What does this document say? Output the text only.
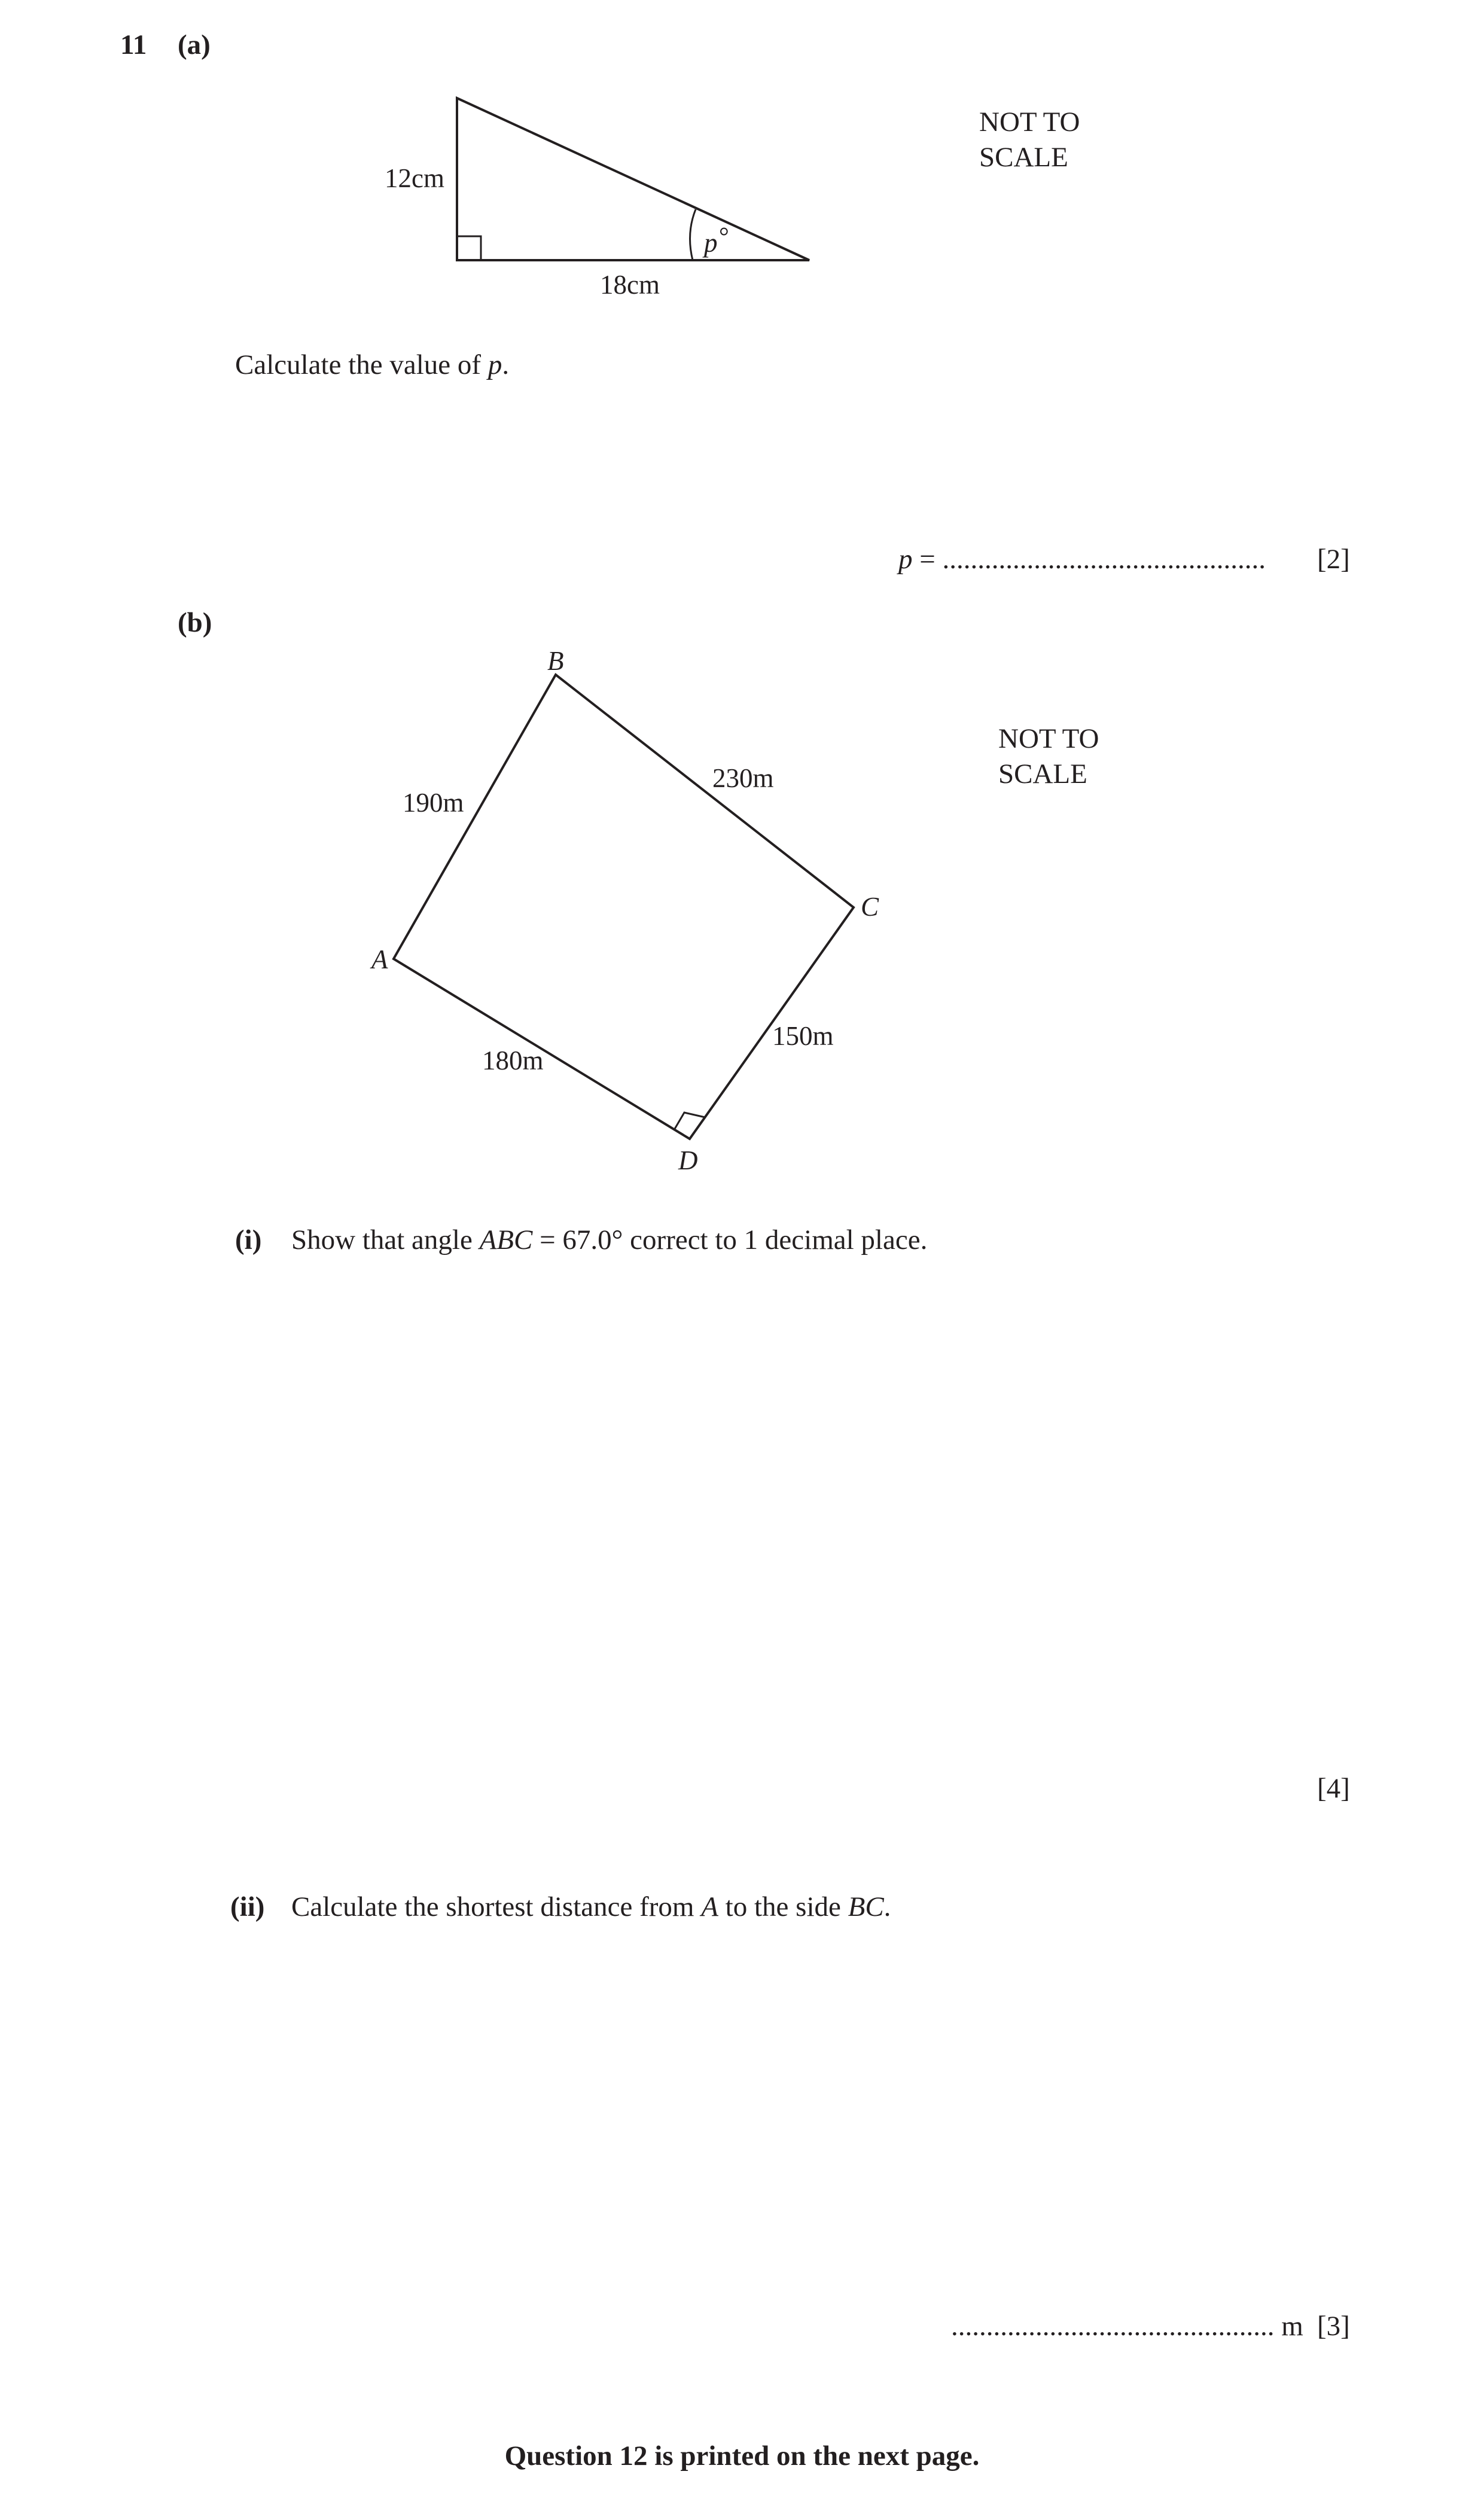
11 (a)
12cm
18cm
p °
B
C
A
D
190m
230m
150m
180m
NOT TO SCALE
Calculate the value of p.
p = .............................................. [2]
(b)
NOT TO SCALE
(i) Show that angle ABC = 67.0° correct to 1 decimal place.
[4]
(ii) Calculate the shortest distance from A to the side BC.
.............................................. m [3]
Question 12 is printed on the next page.
